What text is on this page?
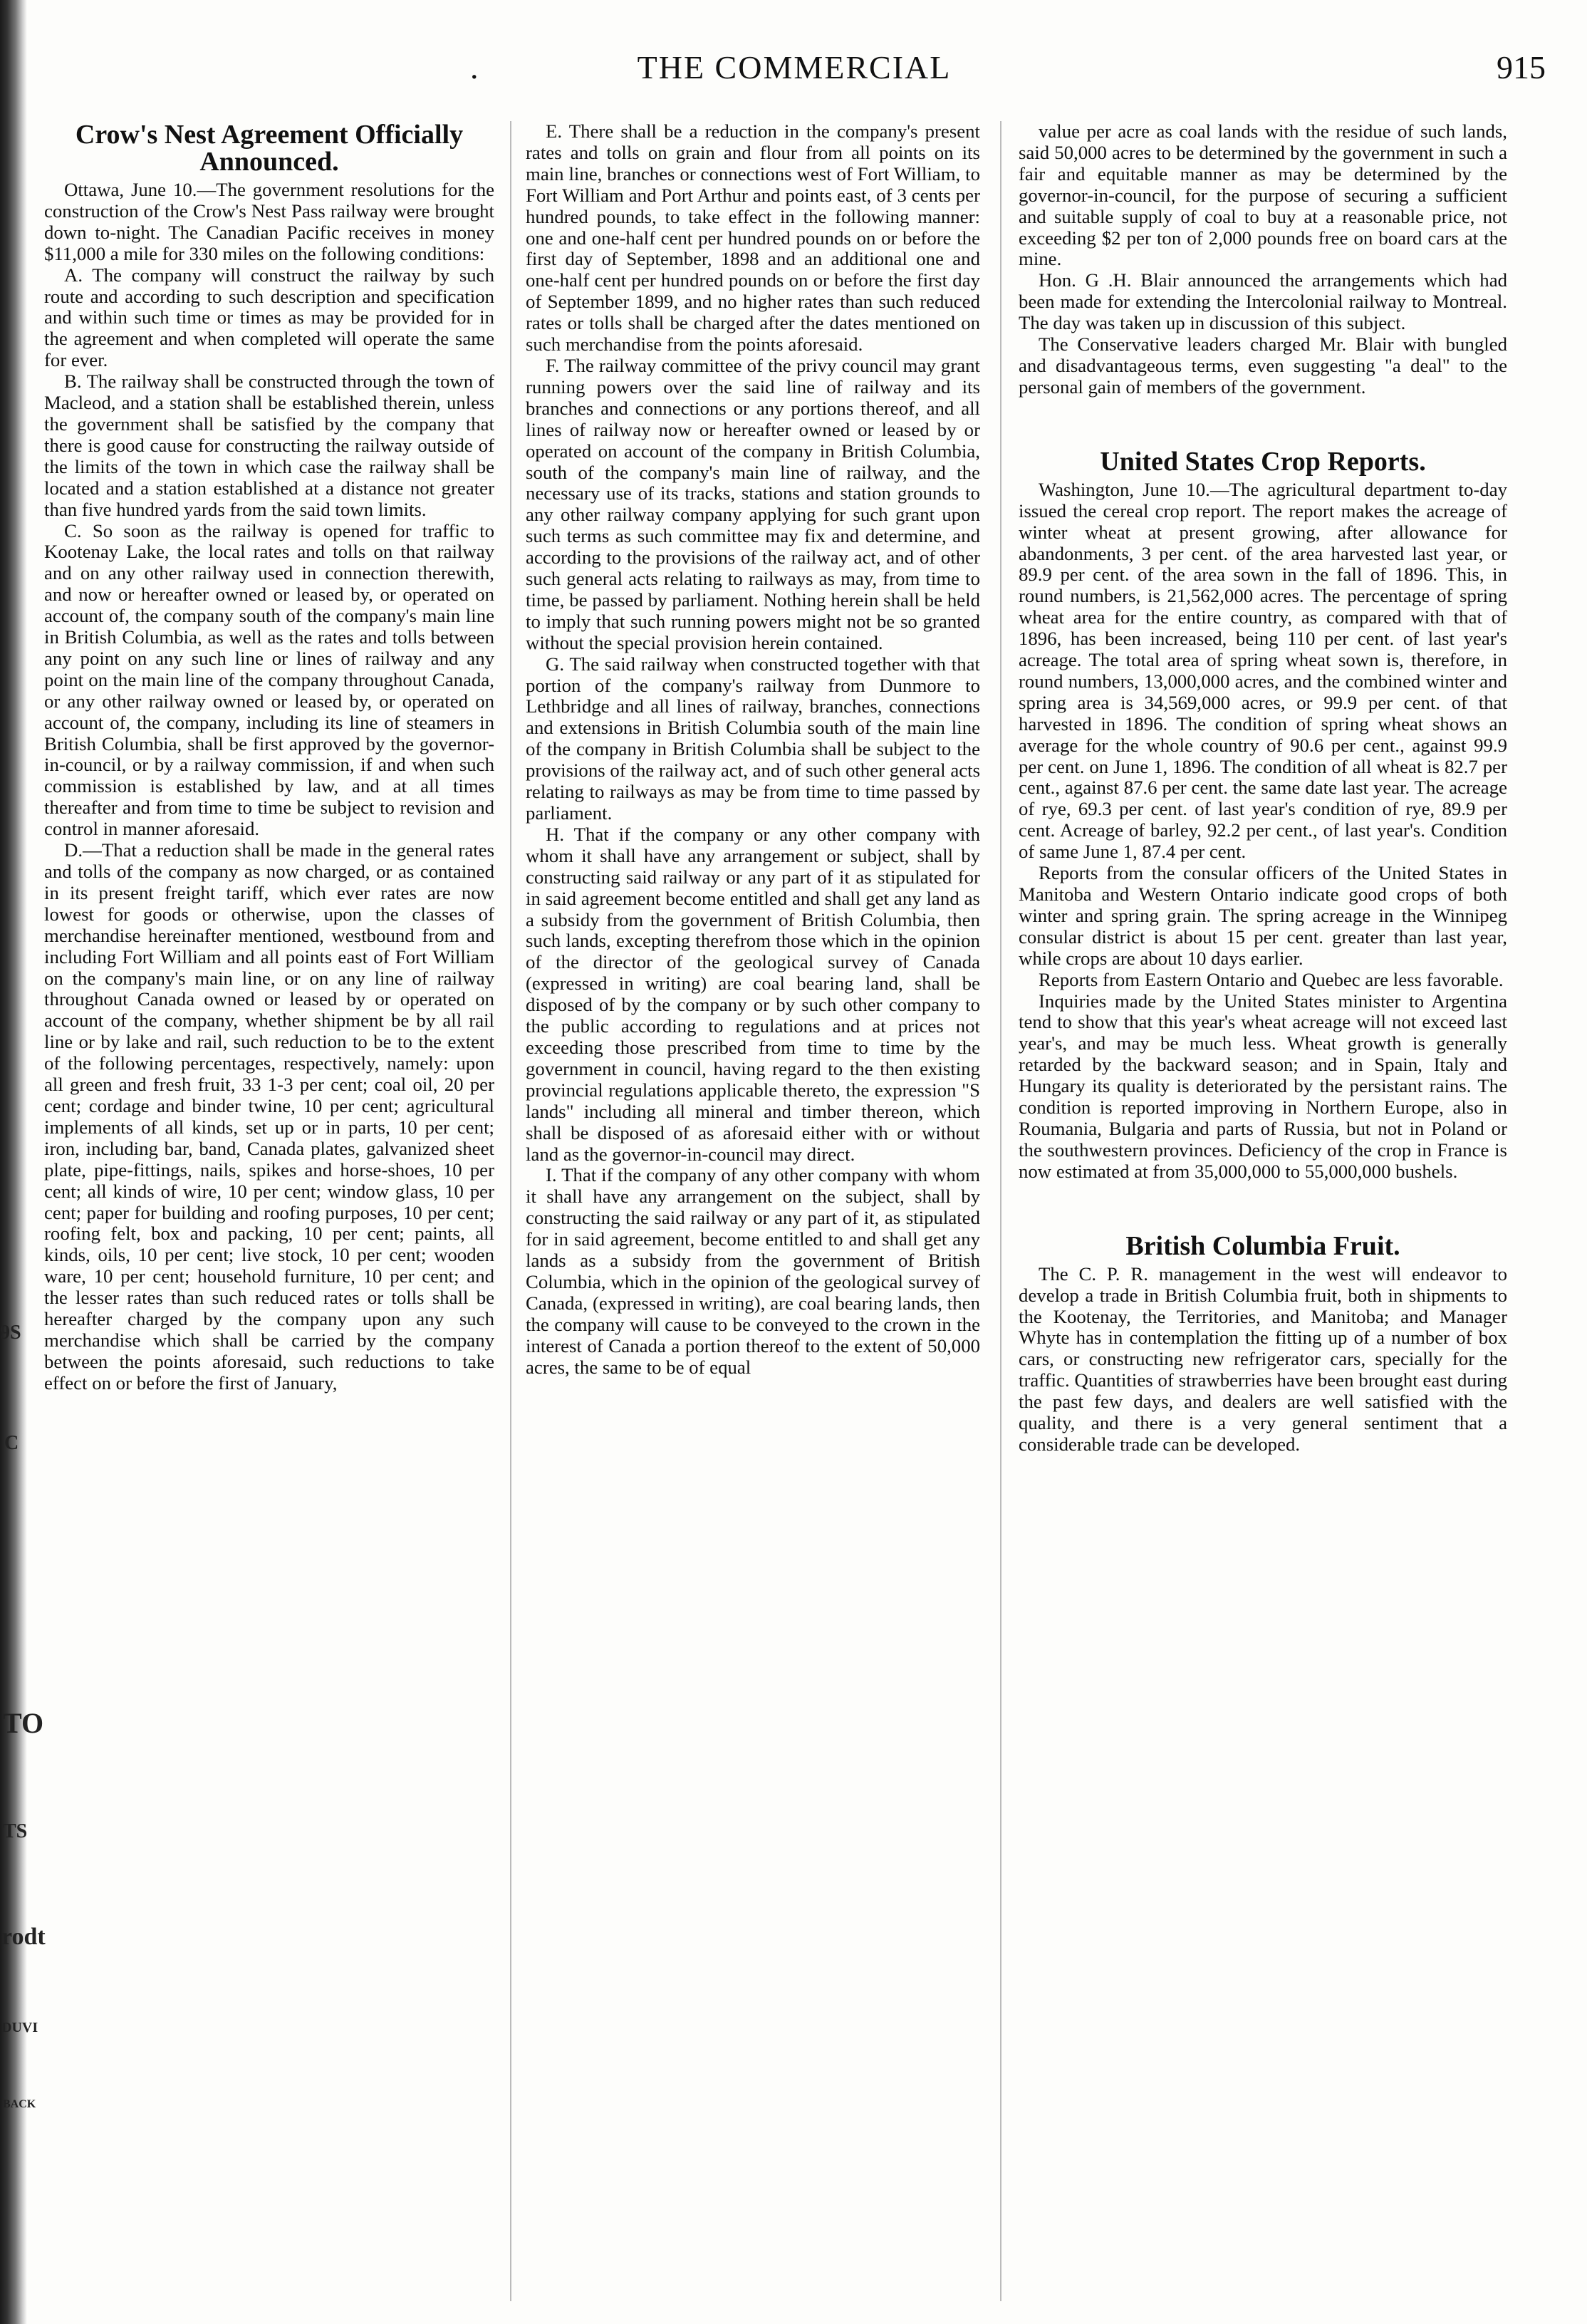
9S
C
TO
TS
rodt
DUVI
BACK
.	THE COMMERCIAL	915
Crow's Nest Agreement Officially Announced.

Ottawa, June 10.—The government resolutions for the construction of the Crow's Nest Pass railway were brought down to-night. The Canadian Pacific receives in money $11,000 a mile for 330 miles on the following conditions:

A. The company will construct the railway by such route and according to such description and specification and within such time or times as may be provided for in the agreement and when completed will operate the same for ever.

B. The railway shall be constructed through the town of Macleod, and a station shall be established therein, unless the government shall be satisfied by the company that there is good cause for constructing the railway outside of the limits of the town in which case the railway shall be located and a station established at a distance not greater than five hundred yards from the said town limits.

C. So soon as the railway is opened for traffic to Kootenay Lake, the local rates and tolls on that railway and on any other railway used in connection therewith, and now or hereafter owned or leased by, or operated on account of, the company south of the company's main line in British Columbia, as well as the rates and tolls between any point on any such line or lines of railway and any point on the main line of the company throughout Canada, or any other railway owned or leased by, or operated on account of, the company, including its line of steamers in British Columbia, shall be first approved by the governor-in-council, or by a railway commission, if and when such commission is established by law, and at all times thereafter and from time to time be subject to revision and control in manner aforesaid.

D.—That a reduction shall be made in the general rates and tolls of the company as now charged, or as contained in its present freight tariff, which ever rates are now lowest for goods or otherwise, upon the classes of merchandise hereinafter mentioned, westbound from and including Fort William and all points east of Fort William on the company's main line, or on any line of railway throughout Canada owned or leased by or operated on account of the company, whether shipment be by all rail line or by lake and rail, such reduction to be to the extent of the following percentages, respectively, namely: upon all green and fresh fruit, 33 1-3 per cent; coal oil, 20 per cent; cordage and binder twine, 10 per cent; agricultural implements of all kinds, set up or in parts, 10 per cent; iron, including bar, band, Canada plates, galvanized sheet plate, pipe-fittings, nails, spikes and horse-shoes, 10 per cent; all kinds of wire, 10 per cent; window glass, 10 per cent; paper for building and roofing purposes, 10 per cent; roofing felt, box and packing, 10 per cent; paints, all kinds, oils, 10 per cent; live stock, 10 per cent; wooden ware, 10 per cent; household furniture, 10 per cent; and the lesser rates than such reduced rates or tolls shall be hereafter charged by the company upon any such merchandise which shall be carried by the company between the points aforesaid, such reductions to take effect on or before the first of January,

E. There shall be a reduction in the company's present rates and tolls on grain and flour from all points on its main line, branches or connections west of Fort William, to Fort William and Port Arthur and points east, of 3 cents per hundred pounds, to take effect in the following manner: one and one-half cent per hundred pounds on or before the first day of September, 1898 and an additional one and one-half cent per hundred pounds on or before the first day of September 1899, and no higher rates than such reduced rates or tolls shall be charged after the dates mentioned on such merchandise from the points aforesaid.

F. The railway committee of the privy council may grant running powers over the said line of railway and its branches and connections or any portions thereof, and all lines of railway now or hereafter owned or leased by or operated on account of the company in British Columbia, south of the company's main line of railway, and the necessary use of its tracks, stations and station grounds to any other railway company applying for such grant upon such terms as such committee may fix and determine, and according to the provisions of the railway act, and of other such general acts relating to railways as may, from time to time, be passed by parliament. Nothing herein shall be held to imply that such running powers might not be so granted without the special provision herein contained.

G. The said railway when constructed together with that portion of the company's railway from Dunmore to Lethbridge and all lines of railway, branches, connections and extensions in British Columbia south of the main line of the company in British Columbia shall be subject to the provisions of the railway act, and of such other general acts relating to railways as may be from time to time passed by parliament.

H. That if the company or any other company with whom it shall have any arrangement or subject, shall by constructing said railway or any part of it as stipulated for in said agreement become entitled and shall get any land as a subsidy from the government of British Columbia, then such lands, excepting therefrom those which in the opinion of the director of the geological survey of Canada (expressed in writing) are coal bearing land, shall be disposed of by the company or by such other company to the public according to regulations and at prices not exceeding those prescribed from time to time by the government in council, having regard to the then existing provincial regulations applicable thereto, the expression "S lands" including all mineral and timber thereon, which shall be disposed of as aforesaid either with or without land as the governor-in-council may direct.

I. That if the company of any other company with whom it shall have any arrangement on the subject, shall by constructing the said railway or any part of it, as stipulated for in said agreement, become entitled to and shall get any lands as a subsidy from the government of British Columbia, which in the opinion of the geological survey of Canada, (expressed in writing), are coal bearing lands, then the company will cause to be conveyed to the crown in the interest of Canada a portion thereof to the extent of 50,000 acres, the same to be of equal

value per acre as coal lands with the residue of such lands, said 50,000 acres to be determined by the government in such a fair and equitable manner as may be determined by the governor-in-council, for the purpose of securing a sufficient and suitable supply of coal to buy at a reasonable price, not exceeding $2 per ton of 2,000 pounds free on board cars at the mine.

Hon. G .H. Blair announced the arrangements which had been made for extending the Intercolonial railway to Montreal. The day was taken up in discussion of this subject.

The Conservative leaders charged Mr. Blair with bungled and disadvantageous terms, even suggesting "a deal" to the personal gain of members of the government.

United States Crop Reports.

Washington, June 10.—The agricultural department to-day issued the cereal crop report. The report makes the acreage of winter wheat at present growing, after allowance for abandonments, 3 per cent. of the area harvested last year, or 89.9 per cent. of the area sown in the fall of 1896. This, in round numbers, is 21,562,000 acres. The percentage of spring wheat area for the entire country, as compared with that of 1896, has been increased, being 110 per cent. of last year's acreage. The total area of spring wheat sown is, therefore, in round numbers, 13,000,000 acres, and the combined winter and spring area is 34,569,000 acres, or 99.9 per cent. of that harvested in 1896. The condition of spring wheat shows an average for the whole country of 90.6 per cent., against 99.9 per cent. on June 1, 1896. The condition of all wheat is 82.7 per cent., against 87.6 per cent. the same date last year. The acreage of rye, 69.3 per cent. of last year's condition of rye, 89.9 per cent. Acreage of barley, 92.2 per cent., of last year's. Condition of same June 1, 87.4 per cent.

Reports from the consular officers of the United States in Manitoba and Western Ontario indicate good crops of both winter and spring grain. The spring acreage in the Winnipeg consular district is about 15 per cent. greater than last year, while crops are about 10 days earlier.

Reports from Eastern Ontario and Quebec are less favorable.

Inquiries made by the United States minister to Argentina tend to show that this year's wheat acreage will not exceed last year's, and may be much less. Wheat growth is generally retarded by the backward season; and in Spain, Italy and Hungary its quality is deteriorated by the persistant rains. The condition is reported improving in Northern Europe, also in Roumania, Bulgaria and parts of Russia, but not in Poland or the southwestern provinces. Deficiency of the crop in France is now estimated at from 35,000,000 to 55,000,000 bushels.

British Columbia Fruit.

The C. P. R. management in the west will endeavor to develop a trade in British Columbia fruit, both in shipments to the Kootenay, the Territories, and Manitoba; and Manager Whyte has in contemplation the fitting up of a number of box cars, or constructing new refrigerator cars, specially for the traffic. Quantities of strawberries have been brought east during the past few days, and dealers are well satisfied with the quality, and there is a very general sentiment that a considerable trade can be developed.
